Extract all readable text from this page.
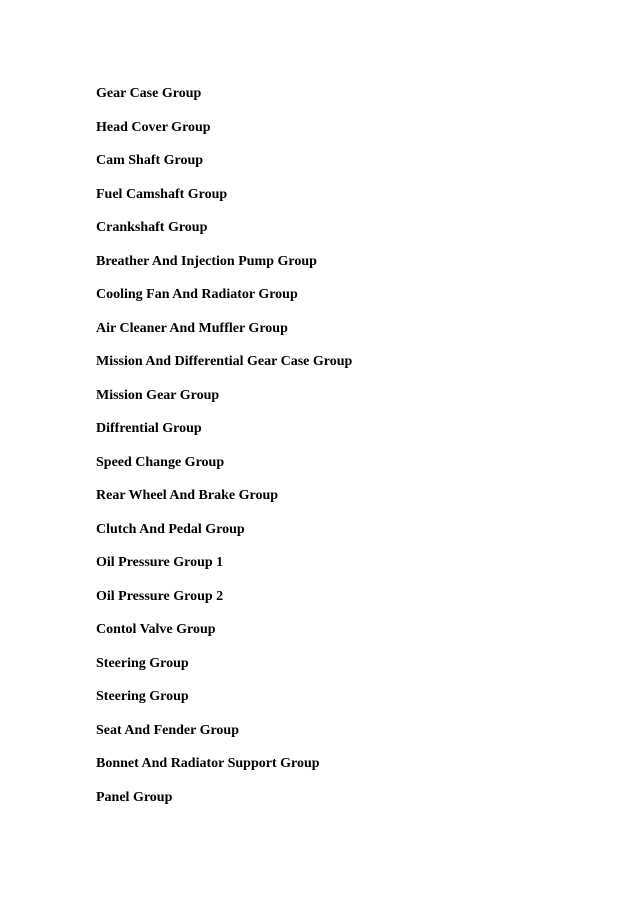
Gear Case Group
Head Cover Group
Cam Shaft Group
Fuel Camshaft Group
Crankshaft Group
Breather And Injection Pump Group
Cooling Fan And Radiator Group
Air Cleaner And Muffler Group
Mission And Differential Gear Case Group
Mission Gear Group
Diffrential Group
Speed Change Group
Rear Wheel And Brake Group
Clutch And Pedal Group
Oil Pressure Group 1
Oil Pressure Group 2
Contol Valve Group
Steering Group
Steering Group
Seat And Fender Group
Bonnet And Radiator Support Group
Panel Group
